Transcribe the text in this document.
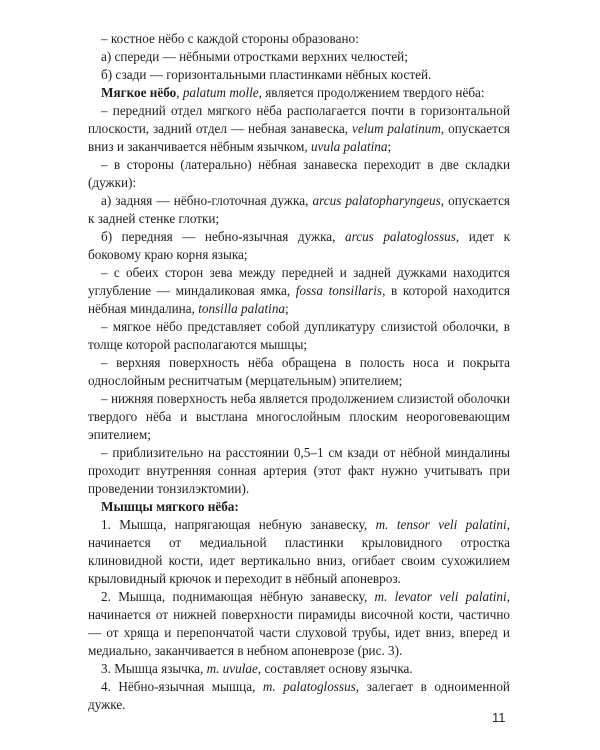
– костное нёбо с каждой стороны образовано:

а) спереди — нёбными отростками верхних челюстей;

б) сзади — горизонтальными пластинками нёбных костей.

Мягкое нёбо, palatum molle, является продолжением твердого нёба:

– передний отдел мягкого нёба располагается почти в горизонтальной плоскости, задний отдел — небная занавеска, velum palatinum, опускается вниз и заканчивается нёбным язычком, uvula palatina;

– в стороны (латерально) нёбная занавеска переходит в две складки (дужки):

а) задняя — нёбно-глоточная дужка, arcus palatopharyngeus, опускается к задней стенке глотки;

б) передняя — небно-язычная дужка, arcus palatoglossus, идет к боковому краю корня языка;

– с обеих сторон зева между передней и задней дужками находится углубление — миндаликовая ямка, fossa tonsillaris, в которой находится нёбная миндалина, tonsilla palatina;

– мягкое нёбо представляет собой дупликатуру слизистой оболочки, в толще которой располагаются мышцы;

– верхняя поверхность нёба обращена в полость носа и покрыта однослойным реснитчатым (мерцательным) эпителием;

– нижняя поверхность неба является продолжением слизистой оболочки твердого нёба и выстлана многослойным плоским неороговевающим эпителием;

– приблизительно на расстоянии 0,5–1 см кзади от нёбной миндалины проходит внутренняя сонная артерия (этот факт нужно учитывать при проведении тонзилэктомии).

Мышцы мягкого нёба:

1. Мышца, напрягающая небную занавеску, m. tensor veli palatini, начинается от медиальной пластинки крыловидного отростка клиновидной кости, идет вертикально вниз, огибает своим сухожилием крыловидный крючок и переходит в нёбный апоневроз.

2. Мышца, поднимающая нёбную занавеску, m. levator veli palatini, начинается от нижней поверхности пирамиды височной кости, частично — от хряща и перепончатой части слуховой трубы, идет вниз, вперед и медиально, заканчивается в небном апоневрозе (рис. 3).

3. Мышца язычка, m. uvulae, составляет основу язычка.

4. Нёбно-язычная мышца, m. palatoglossus, залегает в одноименной дужке.

11
